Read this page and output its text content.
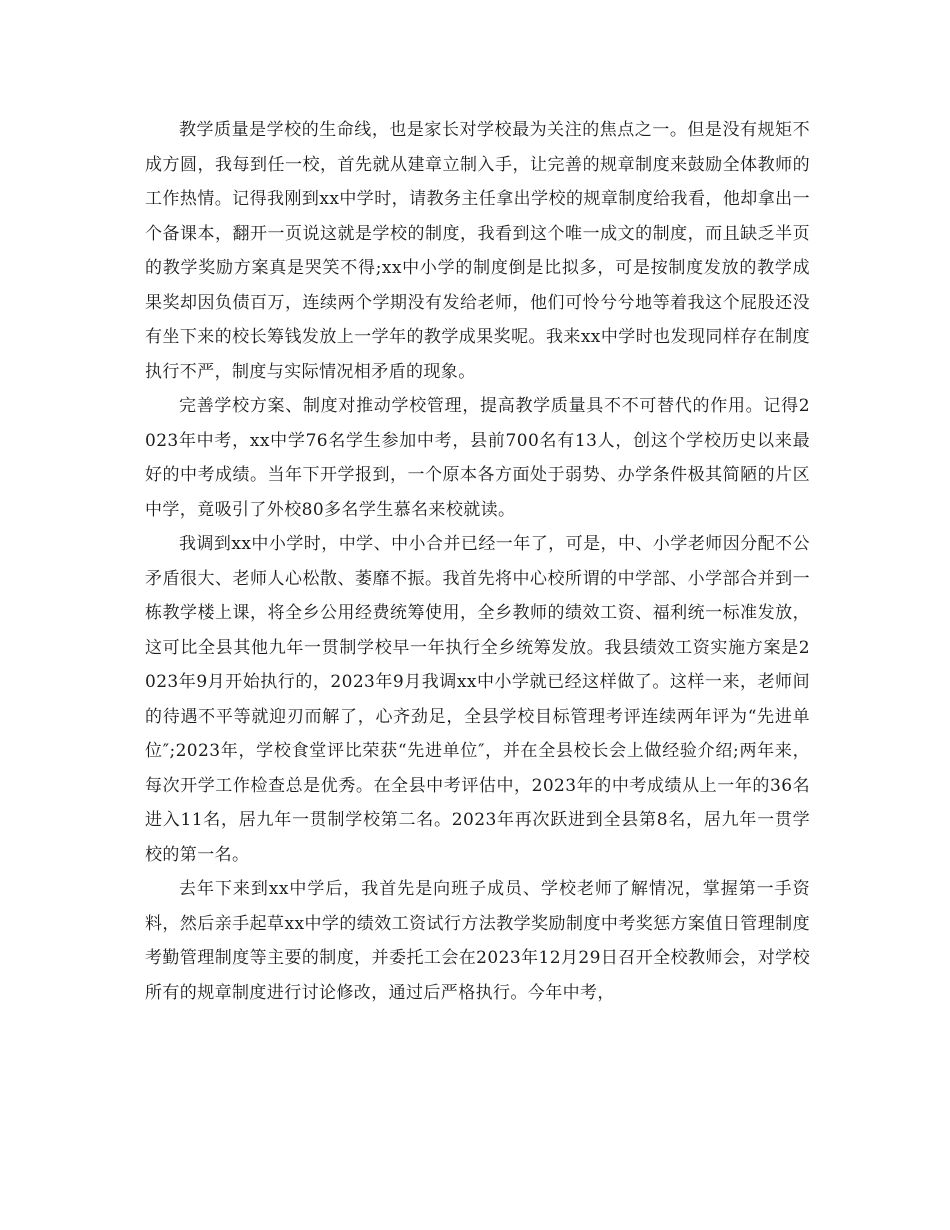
教学质量是学校的生命线，也是家长对学校最为关注的焦点之一。但是没有规矩不成方圆，我每到任一校，首先就从建章立制入手，让完善的规章制度来鼓励全体教师的工作热情。记得我刚到xx中学时，请教务主任拿出学校的规章制度给我看，他却拿出一个备课本，翻开一页说这就是学校的制度，我看到这个唯一成文的制度，而且缺乏半页的教学奖励方案真是哭笑不得;xx中小学的制度倒是比拟多，可是按制度发放的教学成果奖却因负债百万，连续两个学期没有发给老师，他们可怜兮兮地等着我这个屁股还没有坐下来的校长筹钱发放上一学年的教学成果奖呢。我来xx中学时也发现同样存在制度执行不严，制度与实际情况相矛盾的现象。

完善学校方案、制度对推动学校管理，提高教学质量具不不可替代的作用。记得2023年中考，xx中学76名学生参加中考，县前700名有13人，创这个学校历史以来最好的中考成绩。当年下开学报到，一个原本各方面处于弱势、办学条件极其简陋的片区中学，竟吸引了外校80多名学生慕名来校就读。

我调到xx中小学时，中学、中小合并已经一年了，可是，中、小学老师因分配不公矛盾很大、老师人心松散、萎靡不振。我首先将中心校所谓的中学部、小学部合并到一栋教学楼上课，将全乡公用经费统筹使用，全乡教师的绩效工资、福利统一标准发放，这可比全县其他九年一贯制学校早一年执行全乡统筹发放。我县绩效工资实施方案是2023年9月开始执行的，2023年9月我调xx中小学就已经这样做了。这样一来，老师间的待遇不平等就迎刃而解了，心齐劲足，全县学校目标管理考评连续两年评为“先进单位″;2023年，学校食堂评比荣获“先进单位″，并在全县校长会上做经验介绍;两年来，每次开学工作检查总是优秀。在全县中考评估中，2023年的中考成绩从上一年的36名进入11名，居九年一贯制学校第二名。2023年再次跃进到全县第8名，居九年一贯学校的第一名。

去年下来到xx中学后，我首先是向班子成员、学校老师了解情况，掌握第一手资料，然后亲手起草xx中学的绩效工资试行方法教学奖励制度中考奖惩方案值日管理制度考勤管理制度等主要的制度，并委托工会在2023年12月29日召开全校教师会，对学校所有的规章制度进行讨论修改，通过后严格执行。今年中考，
